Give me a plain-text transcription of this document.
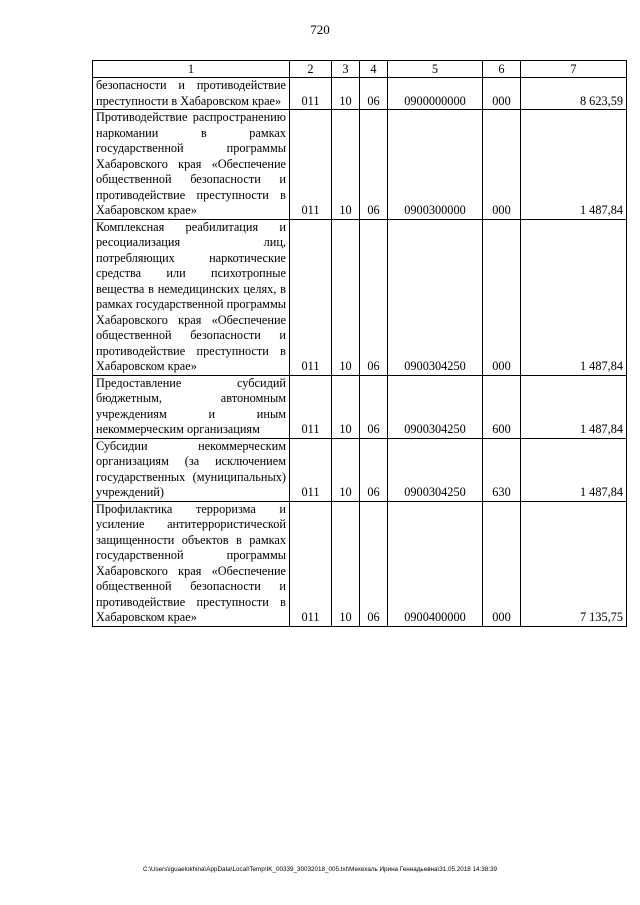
720
1	2	3	4	5	6	7
безопасности и противодействие преступности в Хабаровском крае»	011	10	06	0900000000	000	8 623,59
Противодействие распространению наркомании в рамках государственной программы Хабаровского края «Обеспечение общественной безопасности и противодействие преступности в Хабаровском крае»	011	10	06	0900300000	000	1 487,84
Комплексная реабилитация и ресоциализация лиц, потребляющих наркотические средства или психотропные вещества в немедицинских целях, в рамках государственной программы Хабаровского края «Обеспечение общественной безопасности и противодействие преступности в Хабаровском крае»	011	10	06	0900304250	000	1 487,84
Предоставление субсидий бюджетным, автономным учреждениям и иным некоммерческим организациям	011	10	06	0900304250	600	1 487,84
Субсидии некоммерческим организациям (за исключением государственных (муниципальных) учреждений)	011	10	06	0900304250	630	1 487,84
Профилактика терроризма и усиление антитеррористической защищенности объектов в рамках государственной программы Хабаровского края «Обеспечение общественной безопасности и противодействие преступности в Хабаровском крае»	011	10	06	0900400000	000	7 135,75
C:\Users\iguaelokhina\AppData\Local\Temp\IK_00339_30032018_005.txt\Мехехаль Ирина Геннадьевна\31.05.2018 14:38:39
